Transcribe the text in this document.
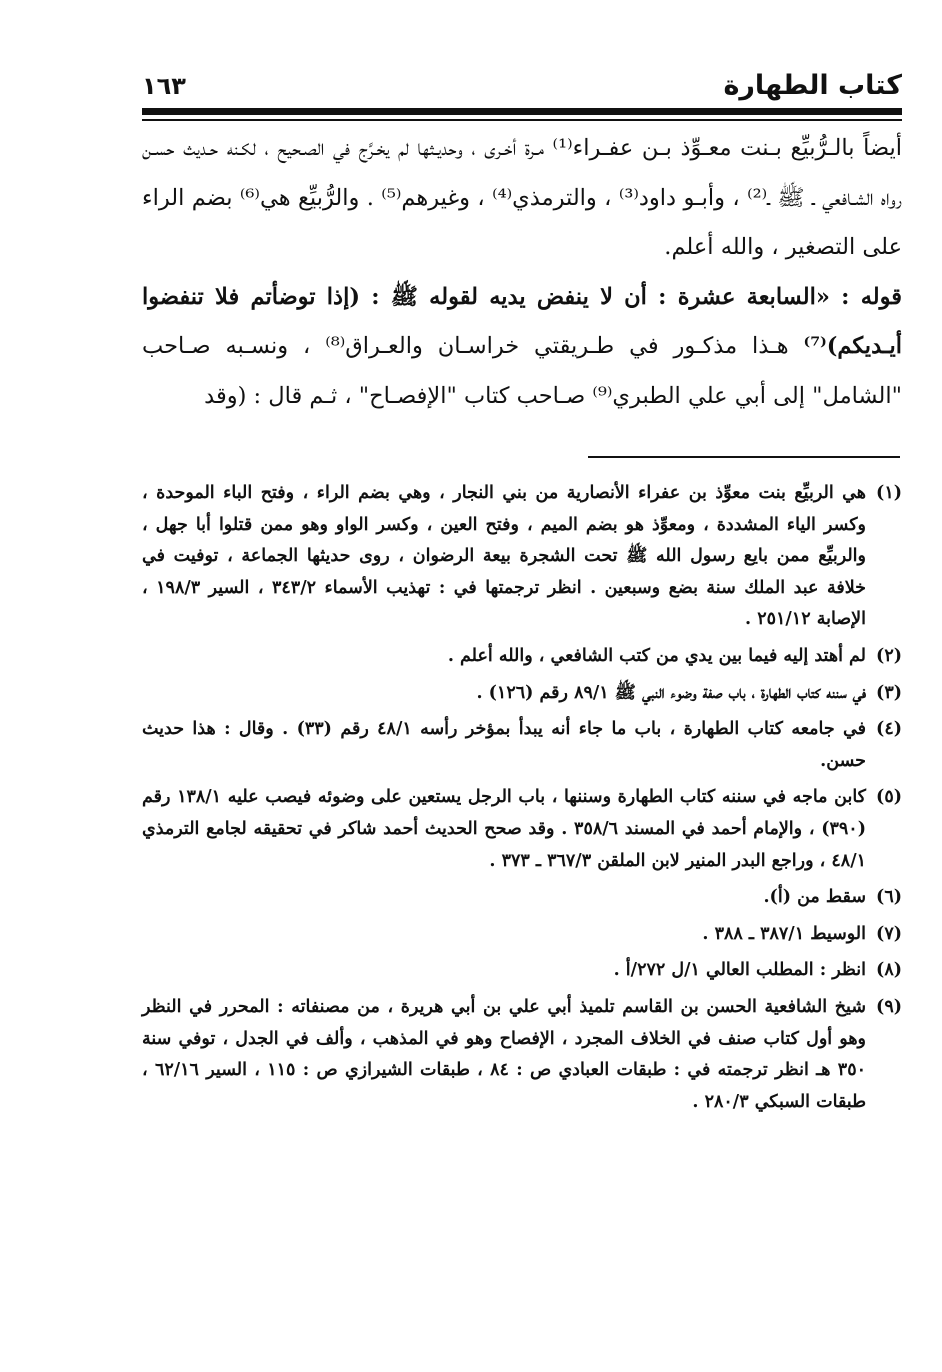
كتاب الطهارة
١٦٣

أيضاً بالـرُّبيِّع بـنت معـوِّذ بـن عفـراء⁽¹⁾ مـرة أخـرى ، وحديـثها لم يخـرَّج في الصـحيح ، لكـنه حـديث حسـن رواه الشـافعي ـ ﷺ ـ⁽²⁾ ، وأبـو داود⁽³⁾ ، والترمذي⁽⁴⁾ ، وغيرهم⁽⁵⁾ . والرُّبيِّع هي⁽⁶⁾ بضم الراء على التصغير ، والله أعلم.

قوله : «السابعة عشرة : أن لا ينفض يديه لقوله ﷺ : (إذا توضأتم فلا تنفضوا أيـديكم)⁽⁷⁾ هـذا مذكـور في طـريقتي خراسـان والعـراق⁽⁸⁾ ، ونسـبه صـاحب "الشامل" إلى أبي علي الطبري⁽⁹⁾ صـاحب كتاب "الإفصـاح" ، ثـم قال : (وقد

(١)
هي الربيِّع بنت معوِّذ بن عفراء الأنصارية من بني النجار ، وهي بضم الراء ، وفتح الباء الموحدة ، وكسر الياء المشددة ، ومعوِّذ هو بضم الميم ، وفتح العين ، وكسر الواو وهو ممن قتلوا أبا جهل ، والربيِّع ممن بايع رسول الله ﷺ تحت الشجرة بيعة الرضوان ، روى حديثها الجماعة ، توفيت في خلافة عبد الملك سنة بضع وسبعين . انظر ترجمتها في : تهذيب الأسماء ٣٤٣/٢ ، السير ١٩٨/٣ ، الإصابة ٢٥١/١٢ .
(٢)
لم أهتد إليه فيما بين يدي من كتب الشافعي ، والله أعلم .
(٣)
في سننه كتاب الطهارة ، باب صفة وضوء النبي ﷺ ٨٩/١ رقم (١٢٦) .
(٤)
في جامعه كتاب الطهارة ، باب ما جاء أنه يبدأ بمؤخر رأسه ٤٨/١ رقم (٣٣) . وقال : هذا حديث حسن.
(٥)
كابن ماجه في سننه كتاب الطهارة وسننها ، باب الرجل يستعين على وضوئه فيصب عليه ١٣٨/١ رقم (٣٩٠) ، والإمام أحمد في المسند ٣٥٨/٦ . وقد صحح الحديث أحمد شاكر في تحقيقه لجامع الترمذي ٤٨/١ ، وراجع البدر المنير لابن الملقن ٣٦٧/٣ ـ ٣٧٣ .
(٦)
سقط من (أ).
(٧)
الوسيط ٣٨٧/١ ـ ٣٨٨ .
(٨)
انظر : المطلب العالي ١/ل ٢٧٢/أ .
(٩)
شيخ الشافعية الحسن بن القاسم تلميذ أبي علي بن أبي هريرة ، من مصنفاته : المحرر في النظر وهو أول كتاب صنف في الخلاف المجرد ، الإفصاح وهو في المذهب ، وألف في الجدل ، توفي سنة ٣٥٠ هـ انظر ترجمته في : طبقات العبادي ص : ٨٤ ، طبقات الشيرازي ص : ١١٥ ، السير ٦٢/١٦ ، طبقات السبكي ٢٨٠/٣ .
